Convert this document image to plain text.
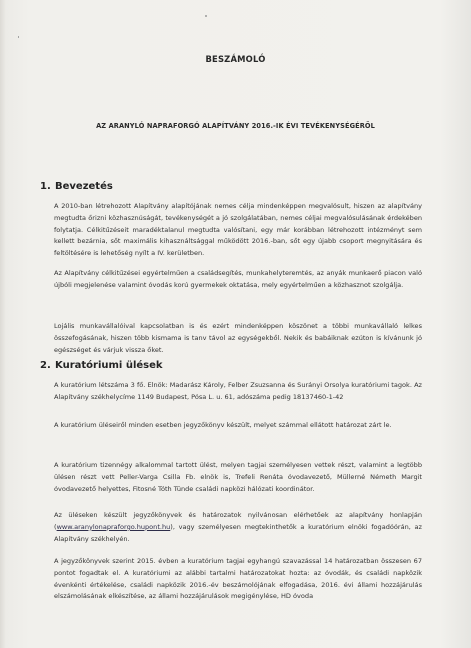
BESZÁMOLÓ
AZ ARANYLÓ NAPRAFORGÓ ALAPÍTVÁNY 2016.-IK ÉVI TEVÉKENYSÉGÉRŐL
1. Bevezetés
A 2010-ban létrehozott Alapítvány alapítójának nemes célja mindenképpen megvalósult, hiszen az alapítvány megtudta őrizni közhasznúságát, tevékenységét a jó szolgálatában, nemes céljai megvalósulásának érdekében folytatja. Célkitűzéseit maradéktalanul megtudta valósítani, egy már korábban létrehozott intézményt sem kellett bezárnia, sőt maximális kihasználtsággal működött 2016.-ban, sőt egy újabb csoport megnyitására és feltöltésére is lehetőség nyílt a IV. kerületben.
Az Alapítvány célkitűzései egyértelműen a családsegítés, munkahelyteremtés, az anyák munkaerő piacon való újbóli megjelenése valamint óvodás korú gyermekek oktatása, mely egyértelműen a közhasznot szolgálja.
Lojális munkavállalóival kapcsolatban is és ezért mindenképpen köszönet a többi munkavállaló lelkes összefogásának, hiszen több kismama is tanv távol az egységekből. Nekik és babáiknak ezúton is kívánunk jó egészséget és várjuk vissza őket.
2. Kuratóriumi ülések
A kuratórium létszáma 3 fő. Elnök: Madarász Károly, Felber Zsuzsanna és Surányi Orsolya kuratóriumi tagok. Az Alapítvány székhelycíme 1149 Budapest, Pósa L. u. 61, adószáma pedig 18137460-1-42
A kuratórium üléseiről minden esetben jegyzőkönyv készült, melyet számmal ellátott határozat zárt le.
A kuratórium tizennégy alkalommal tartott ülést, melyen tagjai személyesen vettek részt, valamint a legtöbb ülésen részt vett Peller-Varga Csilla Fb. elnök is, Trefeli Renáta óvodavezető, Müllerné Németh Margit óvodavezető helyettes, Fitosné Tóth Tünde családi napközi hálózati koordinátor.
Az üléseken készült jegyzőkönyvek és határozatok nyilvánosan elérhetőek az alapítvány honlapján (www.aranylonapraforgo.hupont.hu), vagy személyesen megtekinthetők a kuratórium elnöki fogadóórán, az Alapítvány székhelyén.
A jegyzőkönyvek szerint 2015. évben a kuratórium tagjai egyhangú szavazással 14 határozatban összesen 67 pontot fogadtak el. A kuratóriumi az alábbi tartalmi határozatokat hozta: az óvodák, és családi napközik évenkénti értékelése, családi napközik 2016.-év beszámolójának elfogadása, 2016. évi állami hozzájárulás elszámolásának elkészítése, az állami hozzájárulások megigénylése, HD óvoda
